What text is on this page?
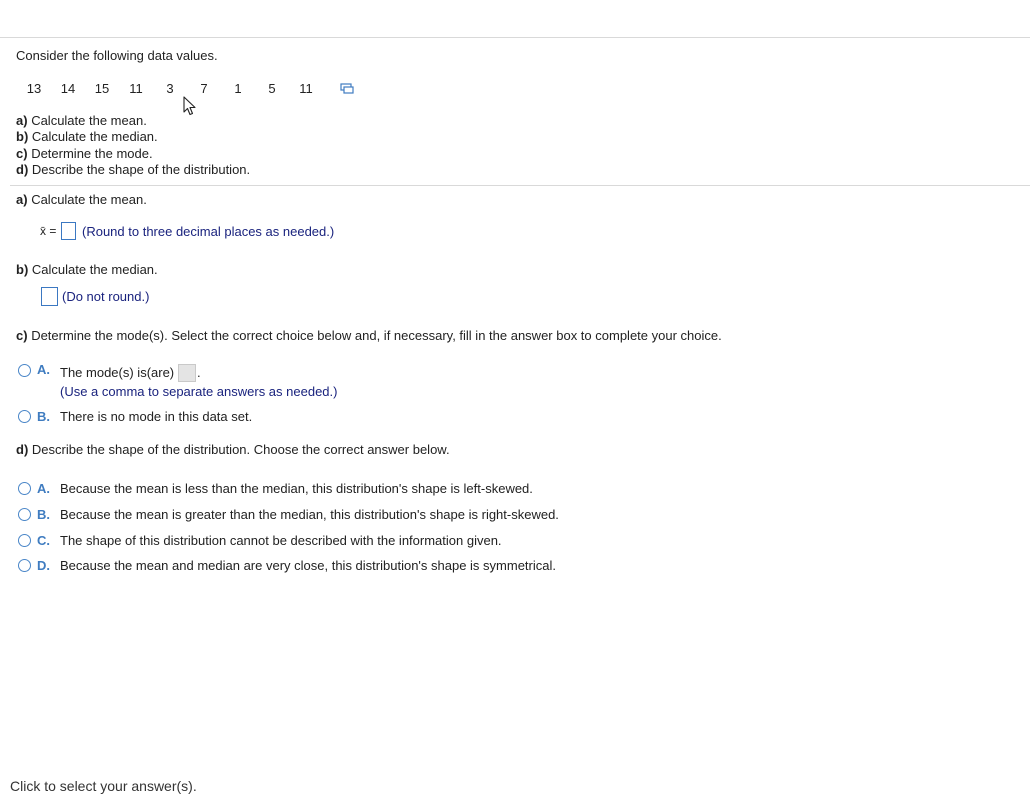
Consider the following data values.
13	14	15	11	3	7	1	5	11
a) Calculate the mean.
b) Calculate the median.
c) Determine the mode.
d) Describe the shape of the distribution.
a) Calculate the mean.
x̄ = (Round to three decimal places as needed.)
b) Calculate the median.
(Do not round.)
c) Determine the mode(s). Select the correct choice below and, if necessary, fill in the answer box to complete your choice.
A. The mode(s) is(are) .
(Use a comma to separate answers as needed.)
B. There is no mode in this data set.
d) Describe the shape of the distribution. Choose the correct answer below.
A. Because the mean is less than the median, this distribution's shape is left-skewed.
B. Because the mean is greater than the median, this distribution's shape is right-skewed.
C. The shape of this distribution cannot be described with the information given.
D. Because the mean and median are very close, this distribution's shape is symmetrical.
Click to select your answer(s).
